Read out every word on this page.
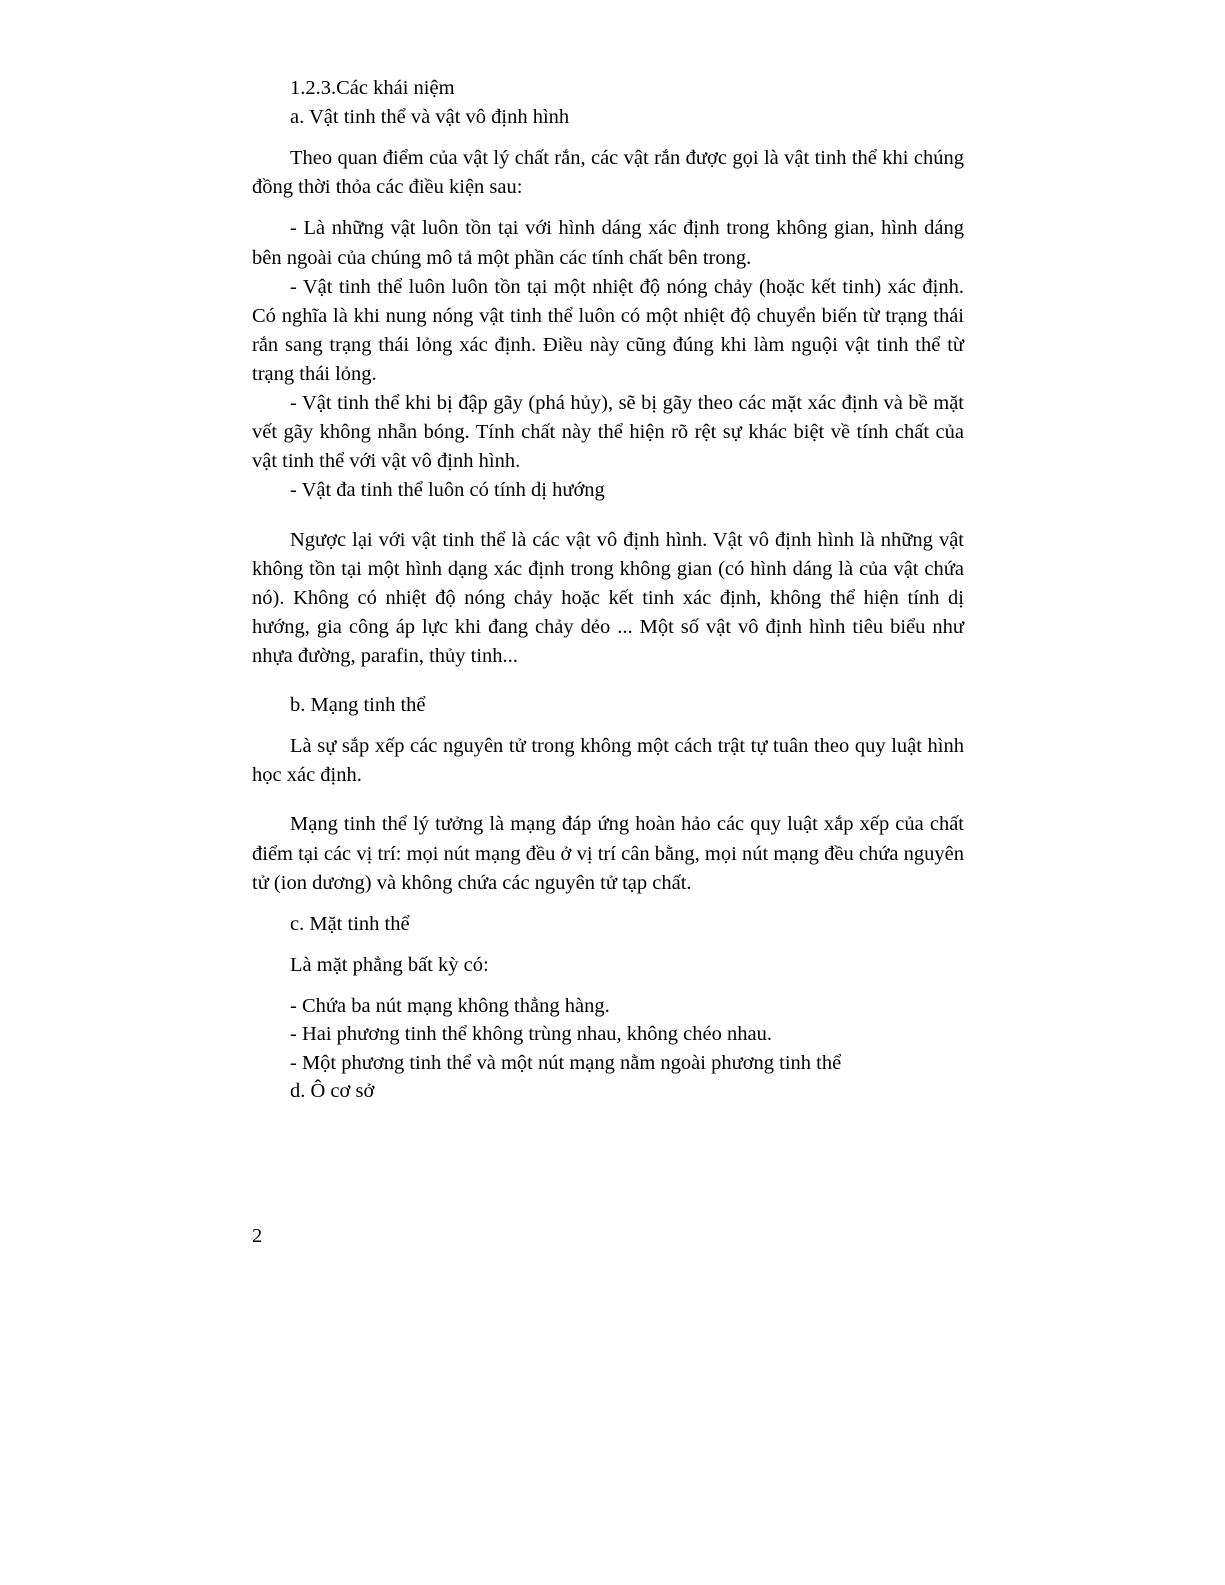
1.2.3.Các khái niệm

a. Vật tinh thể và vật vô định hình

Theo quan điểm của vật lý chất rắn, các vật rắn được gọi là vật tinh thể khi chúng đồng thời thỏa các điều kiện sau:

- Là những vật luôn tồn tại với hình dáng xác định trong không gian, hình dáng bên ngoài của chúng mô tả một phần các tính chất bên trong.

- Vật tinh thể luôn luôn tồn tại một nhiệt độ nóng chảy (hoặc kết tinh) xác định. Có nghĩa là khi nung nóng vật tinh thể luôn có một nhiệt độ chuyển biến từ trạng thái rắn sang trạng thái lỏng xác định. Điều này cũng đúng khi làm nguội vật tinh thể từ trạng thái lỏng.

- Vật tinh thể khi bị đập gãy (phá hủy), sẽ bị gãy theo các mặt xác định và bề mặt vết gãy không nhẵn bóng. Tính chất này thể hiện rõ rệt sự khác biệt về tính chất của vật tinh thể với vật vô định hình.

- Vật đa tinh thể luôn có tính dị hướng

Ngược lại với vật tinh thể là các vật vô định hình. Vật vô định hình là những vật không tồn tại một hình dạng xác định trong không gian (có hình dáng là của vật chứa nó). Không có nhiệt độ nóng chảy hoặc kết tinh xác định, không thể hiện tính dị hướng, gia công áp lực khi đang chảy dẻo ... Một số vật vô định hình tiêu biểu như nhựa đường, parafin, thủy tinh...

b. Mạng tinh thể

Là sự sắp xếp các nguyên tử trong không một cách trật tự tuân theo quy luật hình học xác định.

Mạng tinh thể lý tưởng là mạng đáp ứng hoàn hảo các quy luật xắp xếp của chất điểm tại các vị trí: mọi nút mạng đều ở vị trí cân bằng, mọi nút mạng đều chứa nguyên tử (ion dương) và không chứa các nguyên tử tạp chất.

c. Mặt tinh thể

Là mặt phẳng bất kỳ có:

- Chứa ba nút mạng không thẳng hàng.

- Hai phương tinh thể không trùng nhau, không chéo nhau.

- Một phương tinh thể và một nút mạng nằm ngoài phương tinh thể

d. Ô cơ sở

2
